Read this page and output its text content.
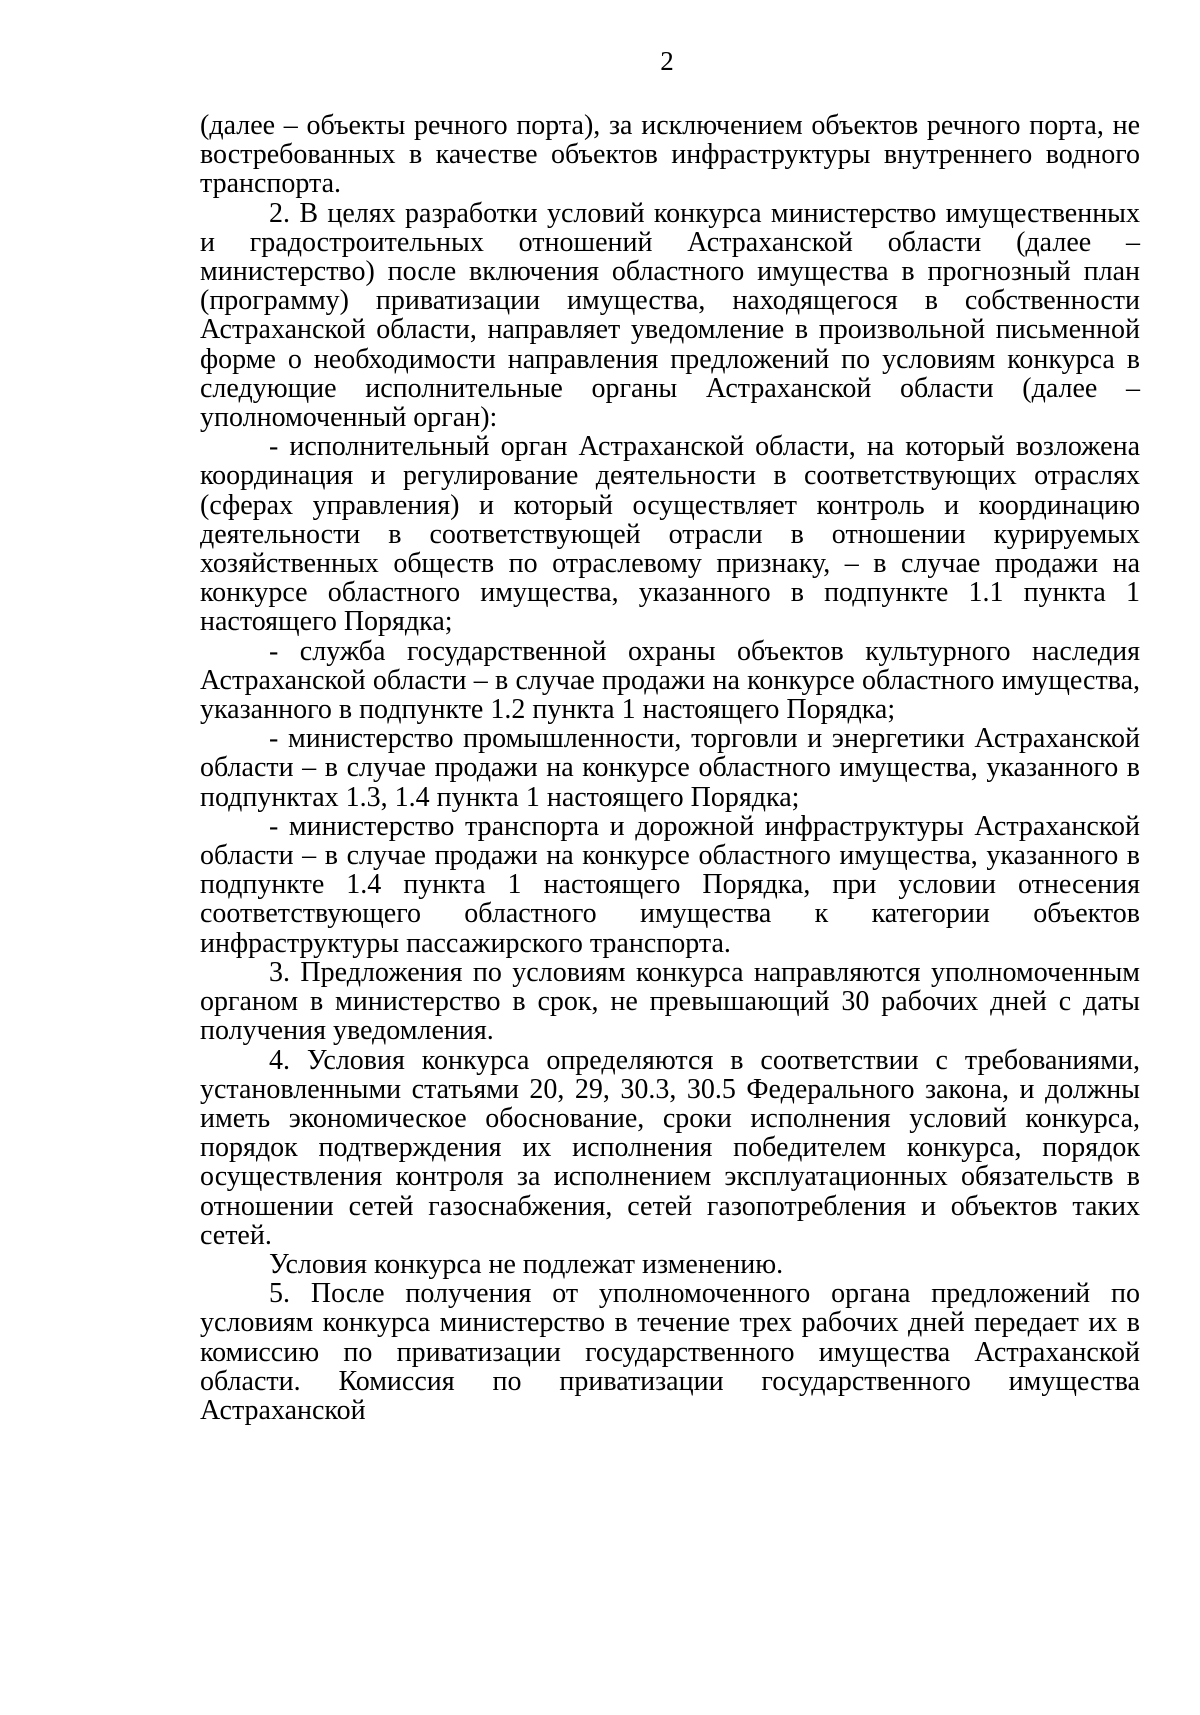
2

(далее – объекты речного порта), за исключением объектов речного порта, не востребованных в качестве объектов инфраструктуры внутреннего водного транспорта.

2. В целях разработки условий конкурса министерство имущественных и градостроительных отношений Астраханской области (далее – министерство) после включения областного имущества в прогнозный план (программу) приватизации имущества, находящегося в собственности Астраханской области, направляет уведомление в произвольной письменной форме о необходимости направления предложений по условиям конкурса в следующие исполнительные органы Астраханской области (далее – уполномоченный орган):

- исполнительный орган Астраханской области, на который возложена координация и регулирование деятельности в соответствующих отраслях (сферах управления) и который осуществляет контроль и координацию деятельности в соответствующей отрасли в отношении курируемых хозяйственных обществ по отраслевому признаку, – в случае продажи на конкурсе областного имущества, указанного в подпункте 1.1 пункта 1 настоящего Порядка;

- служба государственной охраны объектов культурного наследия Астраханской области – в случае продажи на конкурсе областного имущества, указанного в подпункте 1.2 пункта 1 настоящего Порядка;

- министерство промышленности, торговли и энергетики Астраханской области – в случае продажи на конкурсе областного имущества, указанного в подпунктах 1.3, 1.4 пункта 1 настоящего Порядка;

- министерство транспорта и дорожной инфраструктуры Астраханской области – в случае продажи на конкурсе областного имущества, указанного в подпункте 1.4 пункта 1 настоящего Порядка, при условии отнесения соответствующего областного имущества к категории объектов инфраструктуры пассажирского транспорта.

3. Предложения по условиям конкурса направляются уполномоченным органом в министерство в срок, не превышающий 30 рабочих дней с даты получения уведомления.

4. Условия конкурса определяются в соответствии с требованиями, установленными статьями 20, 29, 30.3, 30.5 Федерального закона, и должны иметь экономическое обоснование, сроки исполнения условий конкурса, порядок подтверждения их исполнения победителем конкурса, порядок осуществления контроля за исполнением эксплуатационных обязательств в отношении сетей газоснабжения, сетей газопотребления и объектов таких сетей.

Условия конкурса не подлежат изменению.

5. После получения от уполномоченного органа предложений по условиям конкурса министерство в течение трех рабочих дней передает их в комиссию по приватизации государственного имущества Астраханской области. Комиссия по приватизации государственного имущества Астраханской
